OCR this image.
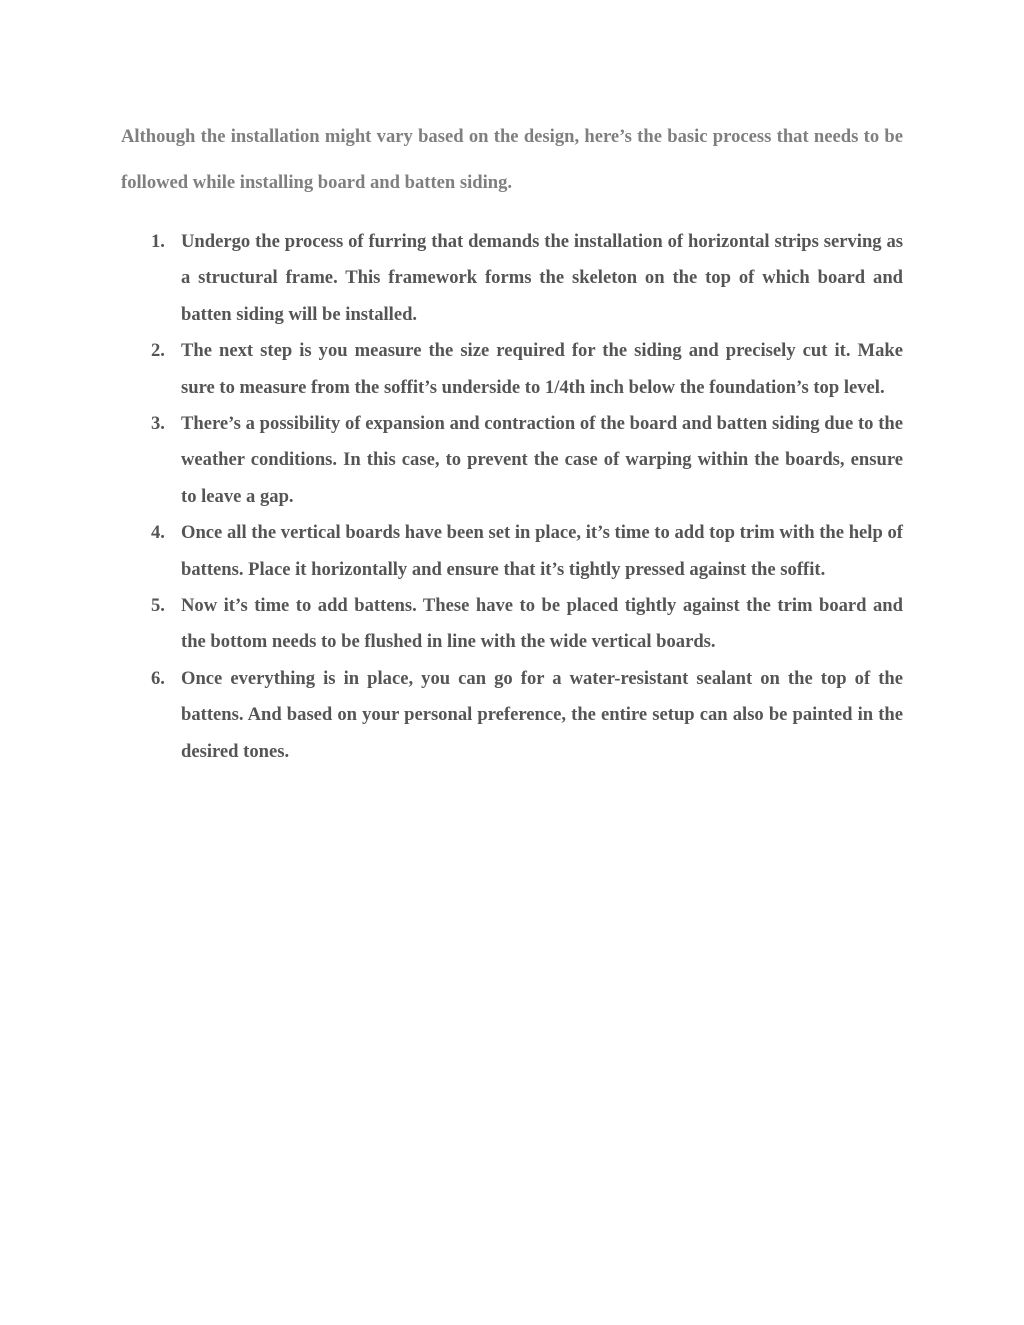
Although the installation might vary based on the design, here’s the basic process that needs to be followed while installing board and batten siding.

1. Undergo the process of furring that demands the installation of horizontal strips serving as a structural frame. This framework forms the skeleton on the top of which board and batten siding will be installed.
2. The next step is you measure the size required for the siding and precisely cut it. Make sure to measure from the soffit’s underside to 1/4th inch below the foundation’s top level.
3. There’s a possibility of expansion and contraction of the board and batten siding due to the weather conditions. In this case, to prevent the case of warping within the boards, ensure to leave a gap.
4. Once all the vertical boards have been set in place, it’s time to add top trim with the help of battens. Place it horizontally and ensure that it’s tightly pressed against the soffit.
5. Now it’s time to add battens. These have to be placed tightly against the trim board and the bottom needs to be flushed in line with the wide vertical boards.
6. Once everything is in place, you can go for a water-resistant sealant on the top of the battens. And based on your personal preference, the entire setup can also be painted in the desired tones.
